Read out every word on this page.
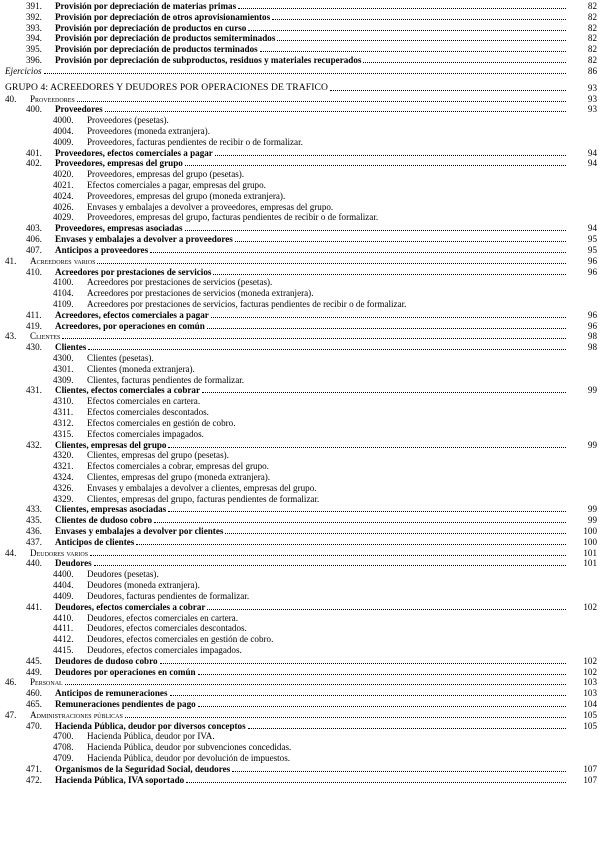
391. Provisión por depreciación de materias primas	82
392. Provisión por depreciación de otros aprovisionamientos	82
393. Provisión por depreciación de productos en curso	82
394. Provisión por depreciación de productos semiterminados	82
395. Provisión por depreciación de productos terminados	82
396. Provisión por depreciación de subproductos, residuos y materiales recuperados	82
Ejercicios	86
GRUPO 4: ACREEDORES Y DEUDORES POR OPERACIONES DE TRÁFICO	93
40. Proveedores	93
400. Proveedores	93
4000. Proveedores (pesetas).
4004. Proveedores (moneda extranjera).
4009. Proveedores, facturas pendientes de recibir o de formalizar.
401. Proveedores, efectos comerciales a pagar	94
402. Proveedores, empresas del grupo	94
4020. Proveedores, empresas del grupo (pesetas).
4021. Efectos comerciales a pagar, empresas del grupo.
4024. Proveedores, empresas del grupo (moneda extranjera).
4026. Envases y embalajes a devolver a proveedores, empresas del grupo.
4029. Proveedores, empresas del grupo, facturas pendientes de recibir o de formalizar.
403. Proveedores, empresas asociadas	94
406. Envases y embalajes a devolver a proveedores	95
407. Anticipos a proveedores	95
41. Acreedores varios	96
410. Acreedores por prestaciones de servicios	96
4100. Acreedores por prestaciones de servicios (pesetas).
4104. Acreedores por prestaciones de servicios (moneda extranjera).
4109. Acreedores por prestaciones de servicios, facturas pendientes de recibir o de formalizar.
411. Acreedores, efectos comerciales a pagar	96
419. Acreedores, por operaciones en común	96
43. Clientes	98
430. Clientes	98
4300. Clientes (pesetas).
4301. Clientes (moneda extranjera).
4309. Clientes, facturas pendientes de formalizar.
431. Clientes, efectos comerciales a cobrar	99
4310. Efectos comerciales en cartera.
4311. Efectos comerciales descontados.
4312. Efectos comerciales en gestión de cobro.
4315. Efectos comerciales impagados.
432. Clientes, empresas del grupo	99
4320. Clientes, empresas del grupo (pesetas).
4321. Efectos comerciales a cobrar, empresas del grupo.
4324. Clientes, empresas del grupo (moneda extranjera).
4326. Envases y embalajes a devolver a clientes, empresas del grupo.
4329. Clientes, empresas del grupo, facturas pendientes de formalizar.
433. Clientes, empresas asociadas	99
435. Clientes de dudoso cobro	99
436. Envases y embalajes a devolver por clientes	100
437. Anticipos de clientes	100
44. Deudores varios	101
440. Deudores	101
4400. Deudores (pesetas).
4404. Deudores (moneda extranjera).
4409. Deudores, facturas pendientes de formalizar.
441. Deudores, efectos comerciales a cobrar	102
4410. Deudores, efectos comerciales en cartera.
4411. Deudores, efectos comerciales descontados.
4412. Deudores, efectos comerciales en gestión de cobro.
4415. Deudores, efectos comerciales impagados.
445. Deudores de dudoso cobro	102
449. Deudores por operaciones en común	102
46. Personal	103
460. Anticipos de remuneraciones	103
465. Remuneraciones pendientes de pago	104
47. Administraciones públicas	105
470. Hacienda Pública, deudor por diversos conceptos	105
4700. Hacienda Pública, deudor por IVA.
4708. Hacienda Pública, deudor por subvenciones concedidas.
4709. Hacienda Pública, deudor por devolución de impuestos.
471. Organismos de la Seguridad Social, deudores	107
472. Hacienda Pública, IVA soportado	107
